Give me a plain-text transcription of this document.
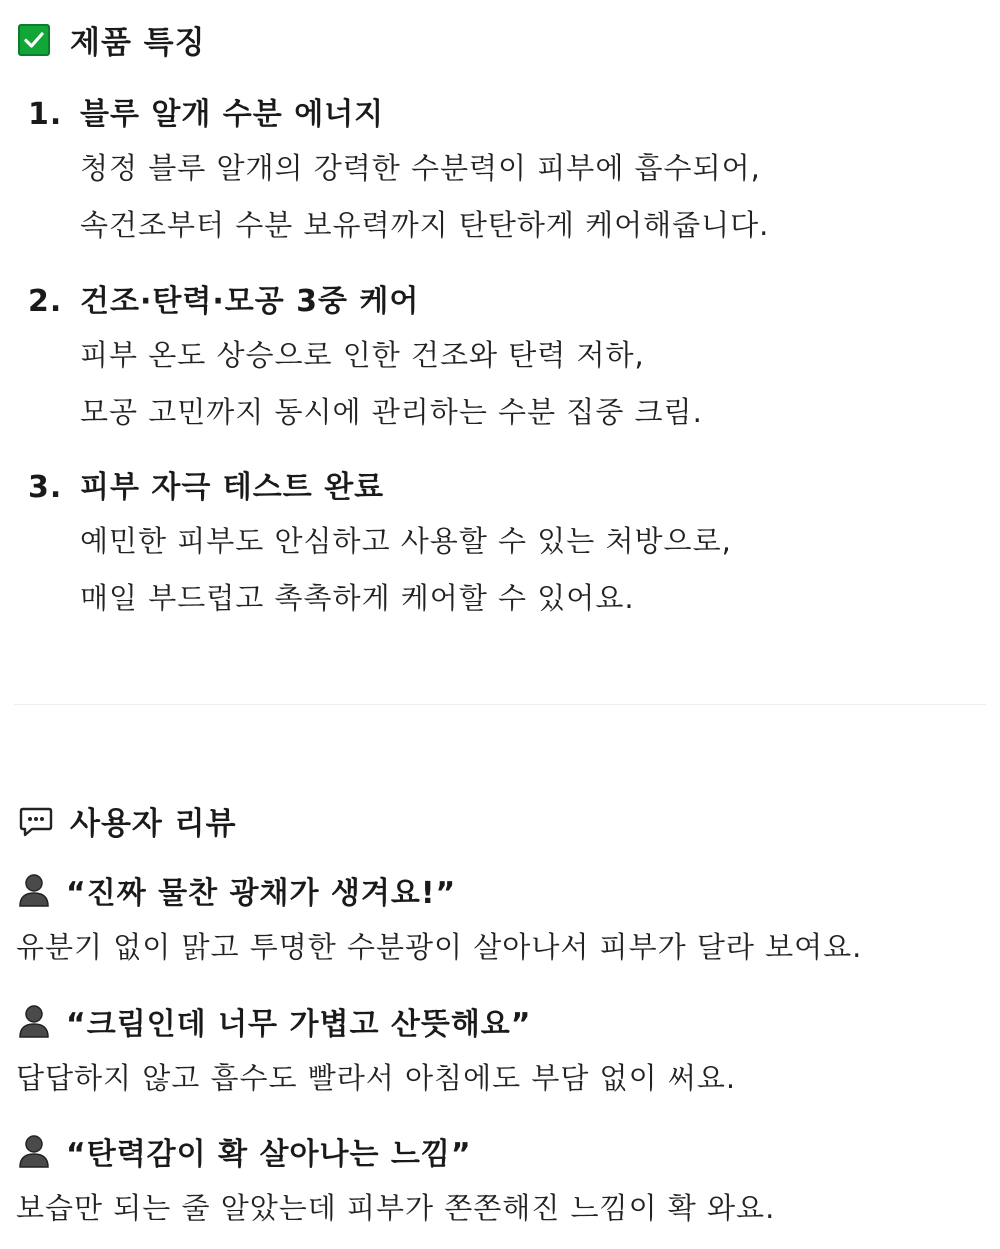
제품 특징
1. 블루 알개 수분 에너지
청정 블루 알개의 강력한 수분력이 피부에 흡수되어,
속건조부터 수분 보유력까지 탄탄하게 케어해줍니다.
2. 건조·탄력·모공 3중 케어
피부 온도 상승으로 인한 건조와 탄력 저하,
모공 고민까지 동시에 관리하는 수분 집중 크림.
3. 피부 자극 테스트 완료
예민한 피부도 안심하고 사용할 수 있는 처방으로,
매일 부드럽고 촉촉하게 케어할 수 있어요.
사용자 리뷰
“진짜 물찬 광채가 생겨요!”
유분기 없이 맑고 투명한 수분광이 살아나서 피부가 달라 보여요.
“크림인데 너무 가볍고 산뜻해요”
답답하지 않고 흡수도 빨라서 아침에도 부담 없이 써요.
“탄력감이 확 살아나는 느낌”
보습만 되는 줄 알았는데 피부가 쫀쫀해진 느낌이 확 와요.
